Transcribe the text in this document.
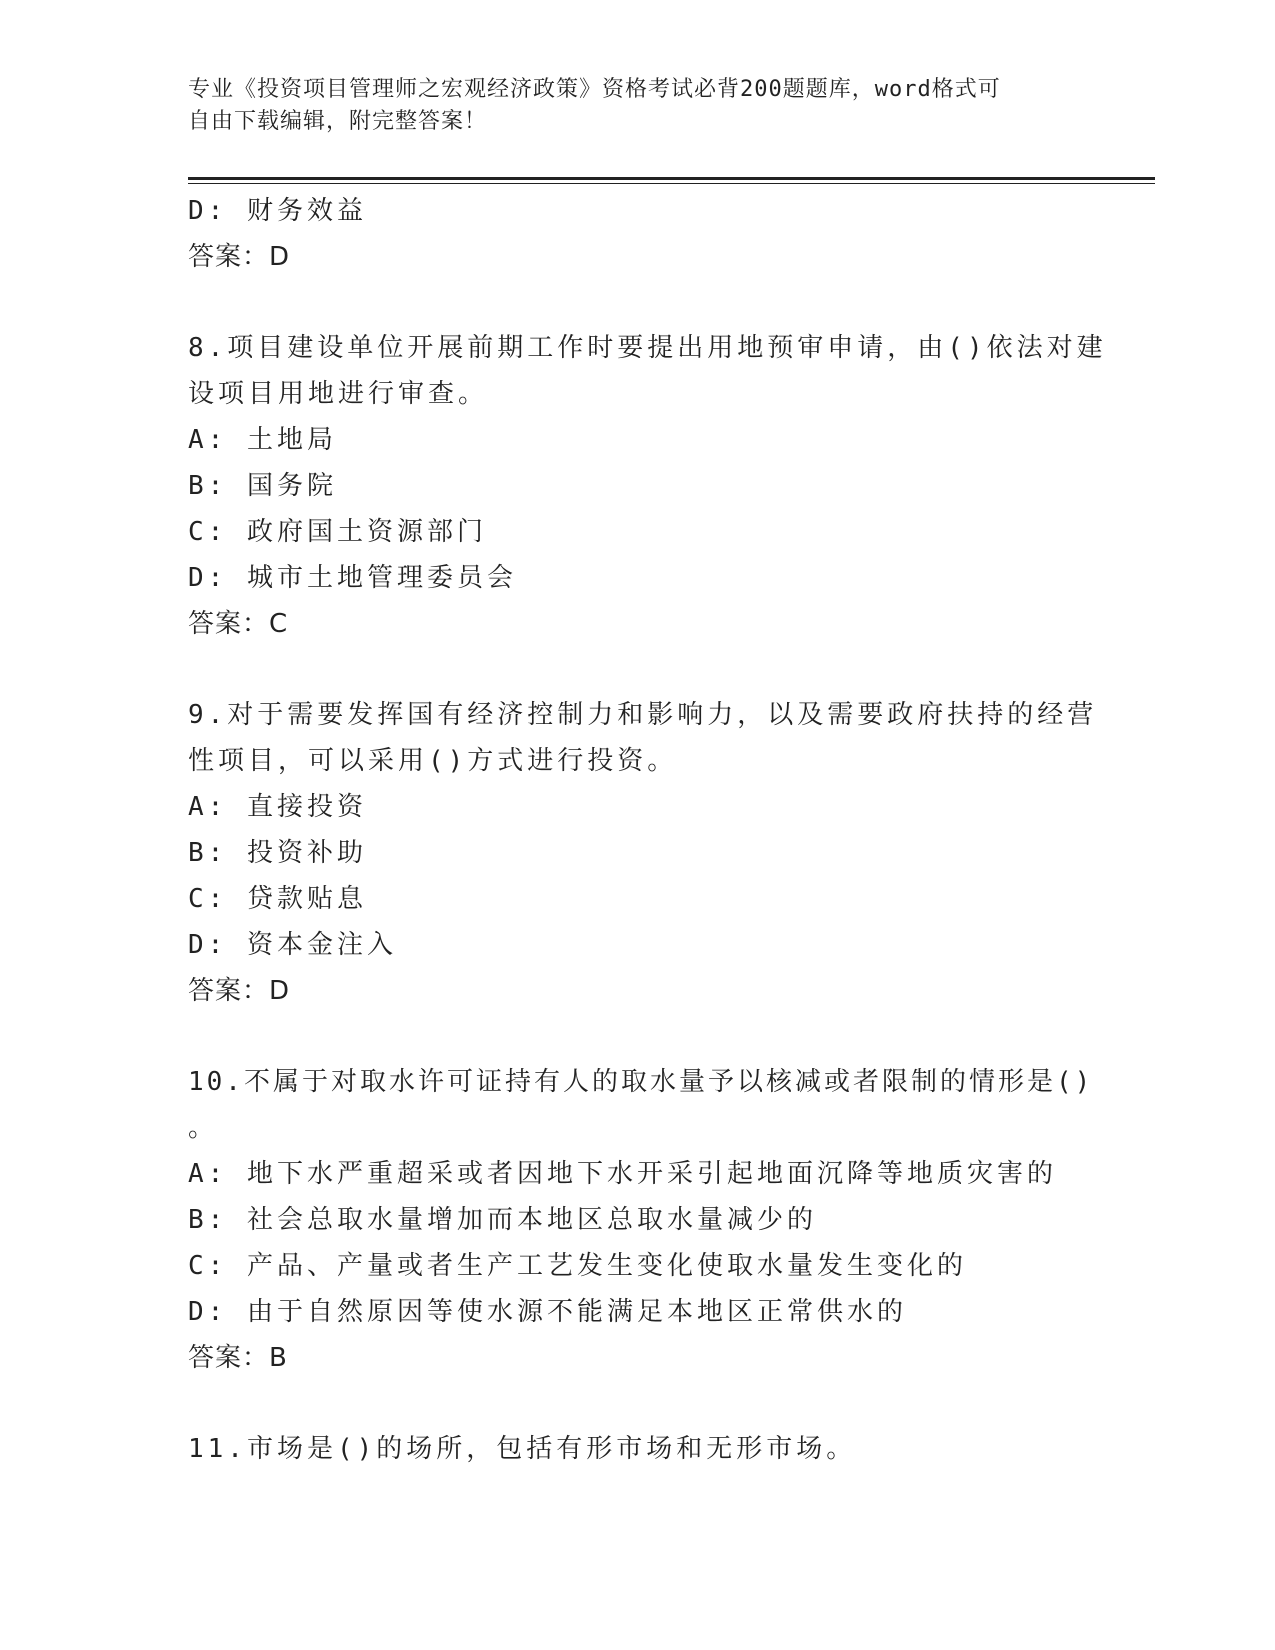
专业《投资项目管理师之宏观经济政策》资格考试必背200题题库，word格式可
自由下载编辑，附完整答案！
D: 财务效益
答案：D
8.项目建设单位开展前期工作时要提出用地预审申请，由()依法对建
设项目用地进行审查。
A: 土地局
B: 国务院
C: 政府国土资源部门
D: 城市土地管理委员会
答案：C
9.对于需要发挥国有经济控制力和影响力，以及需要政府扶持的经营
性项目，可以采用()方式进行投资。
A: 直接投资
B: 投资补助
C: 贷款贴息
D: 资本金注入
答案：D
10.不属于对取水许可证持有人的取水量予以核减或者限制的情形是()
。
A: 地下水严重超采或者因地下水开采引起地面沉降等地质灾害的
B: 社会总取水量增加而本地区总取水量减少的
C: 产品、产量或者生产工艺发生变化使取水量发生变化的
D: 由于自然原因等使水源不能满足本地区正常供水的
答案：B
11.市场是()的场所，包括有形市场和无形市场。
